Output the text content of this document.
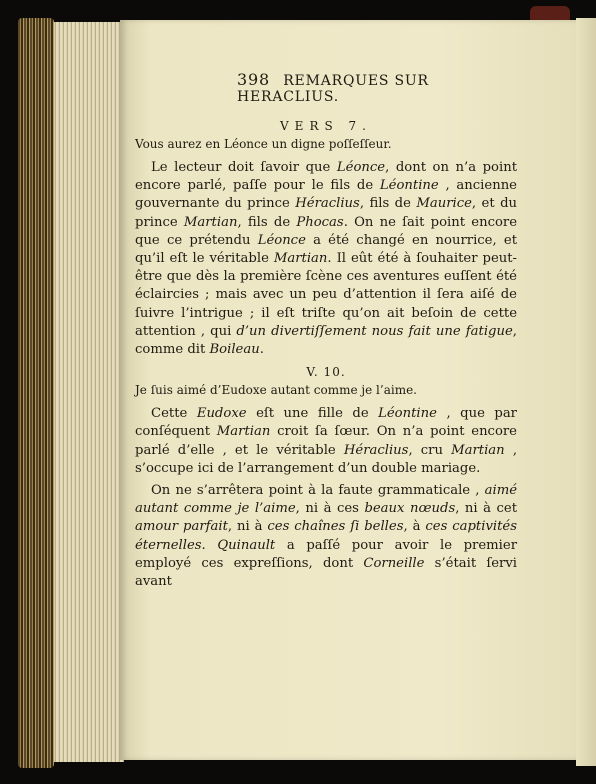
398 REMARQUES SUR HERACLIUS.
VERS 7.
Vous aurez en Léonce un digne poſſeſſeur.

Le lecteur doit ſavoir que Léonce, dont on n’a point encore parlé, paſſe pour le fils de Léontine , ancienne gouvernante du prince Héraclius, fils de Maurice, et du prince Martian, fils de Phocas. On ne ſait point encore que ce prétendu Léonce a été changé en nourrice, et qu’il eſt le véritable Martian. Il eût été à ſouhaiter peut-être que dès la première ſcène ces aventures euſſent été éclaircies ; mais avec un peu d’attention il ſera aiſé de ſuivre l’intrigue ; il eſt triſte qu’on ait beſoin de cette attention , qui d’un divertiſſement nous fait une fatigue, comme dit Boileau.

V. 10.
Je ſuis aimé d’Eudoxe autant comme je l’aime.

Cette Eudoxe eſt une fille de Léontine , que par conſéquent Martian croit ſa ſœur. On n’a point encore parlé d’elle , et le véritable Héraclius, cru Martian , s’occupe ici de l’arrangement d’un double mariage.

On ne s’arrêtera point à la faute grammaticale , aimé autant comme je l’aime, ni à ces beaux nœuds, ni à cet amour parfait, ni à ces chaînes ſi belles, à ces captivités éternelles. Quinault a paſſé pour avoir le premier employé ces expreſſions, dont Corneille s’était ſervi avant
